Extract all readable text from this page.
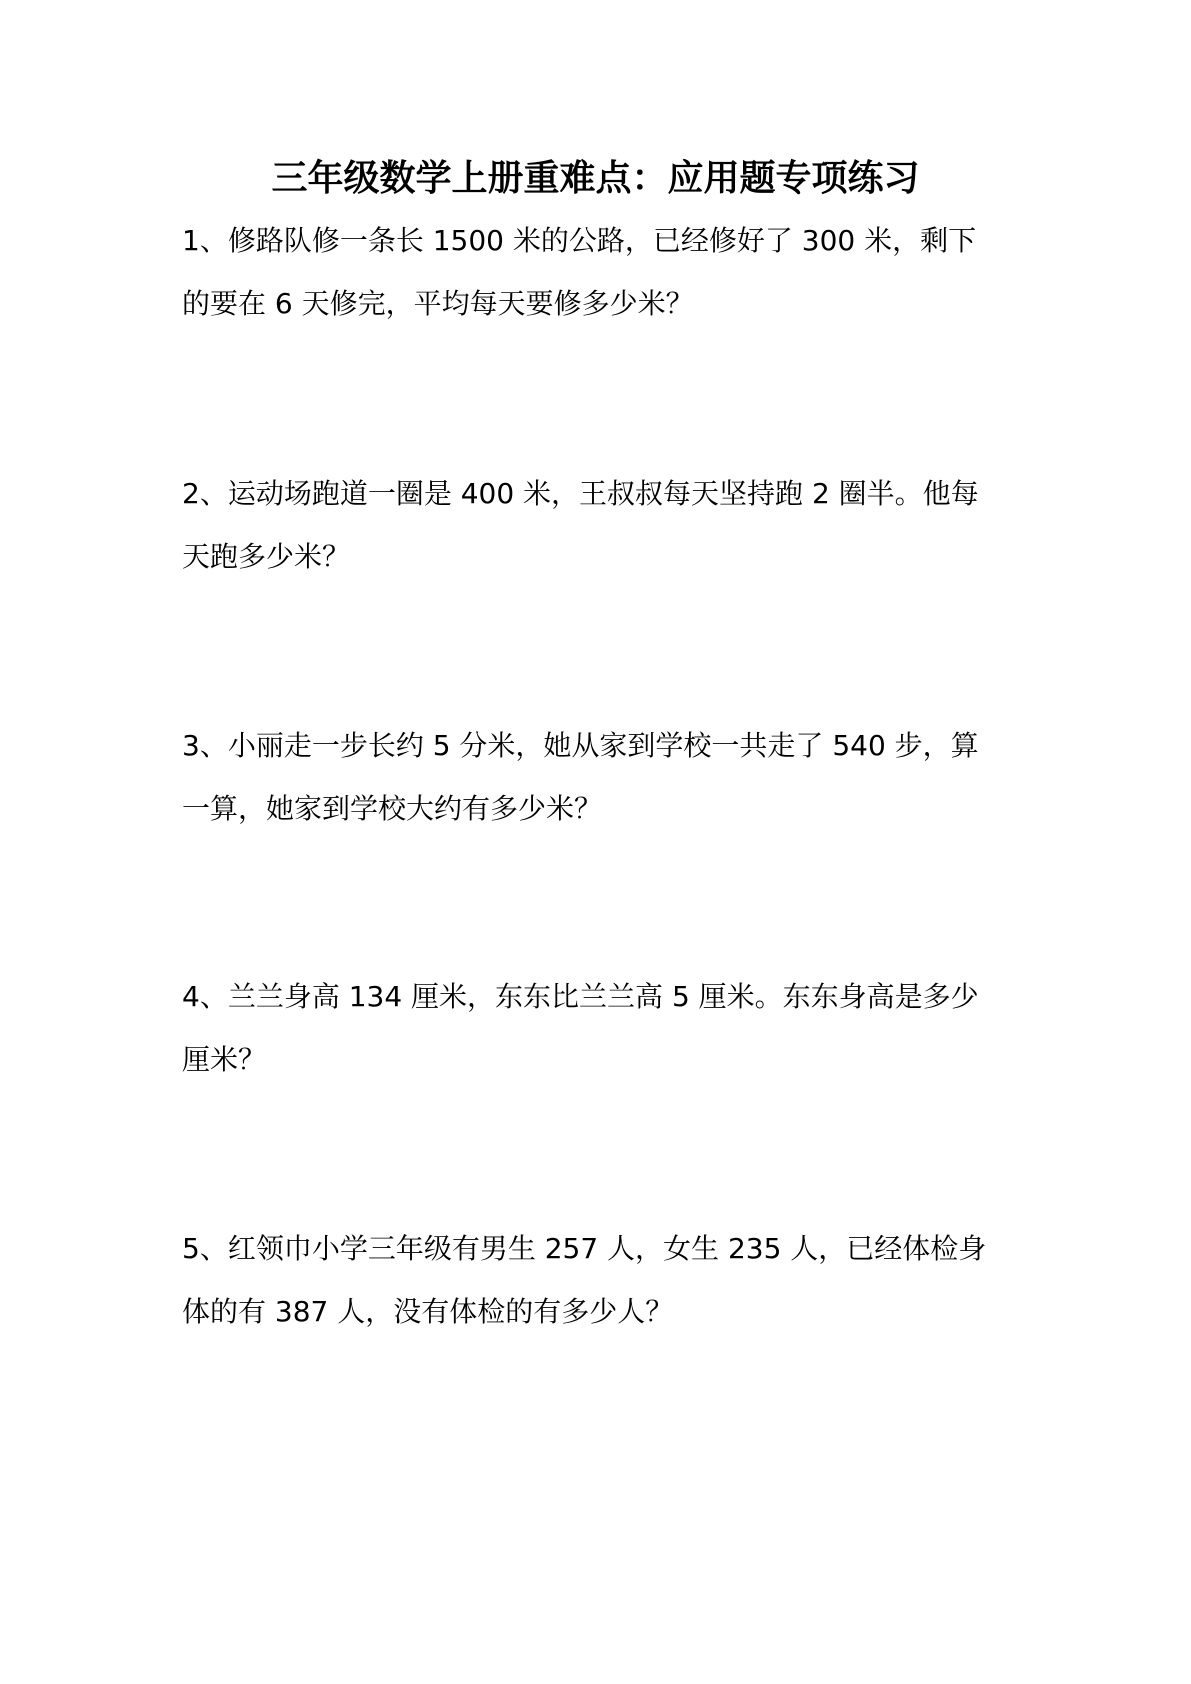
三年级数学上册重难点：应用题专项练习
1、修路队修一条长 1500 米的公路，已经修好了 300 米，剩下
的要在 6 天修完，平均每天要修多少米？
2、运动场跑道一圈是 400 米，王叔叔每天坚持跑 2 圈半。他每
天跑多少米？
3、小丽走一步长约 5 分米，她从家到学校一共走了 540 步，算
一算，她家到学校大约有多少米？
4、兰兰身高 134 厘米，东东比兰兰高 5 厘米。东东身高是多少
厘米？
5、红领巾小学三年级有男生 257 人，女生 235 人，已经体检身
体的有 387 人，没有体检的有多少人？
